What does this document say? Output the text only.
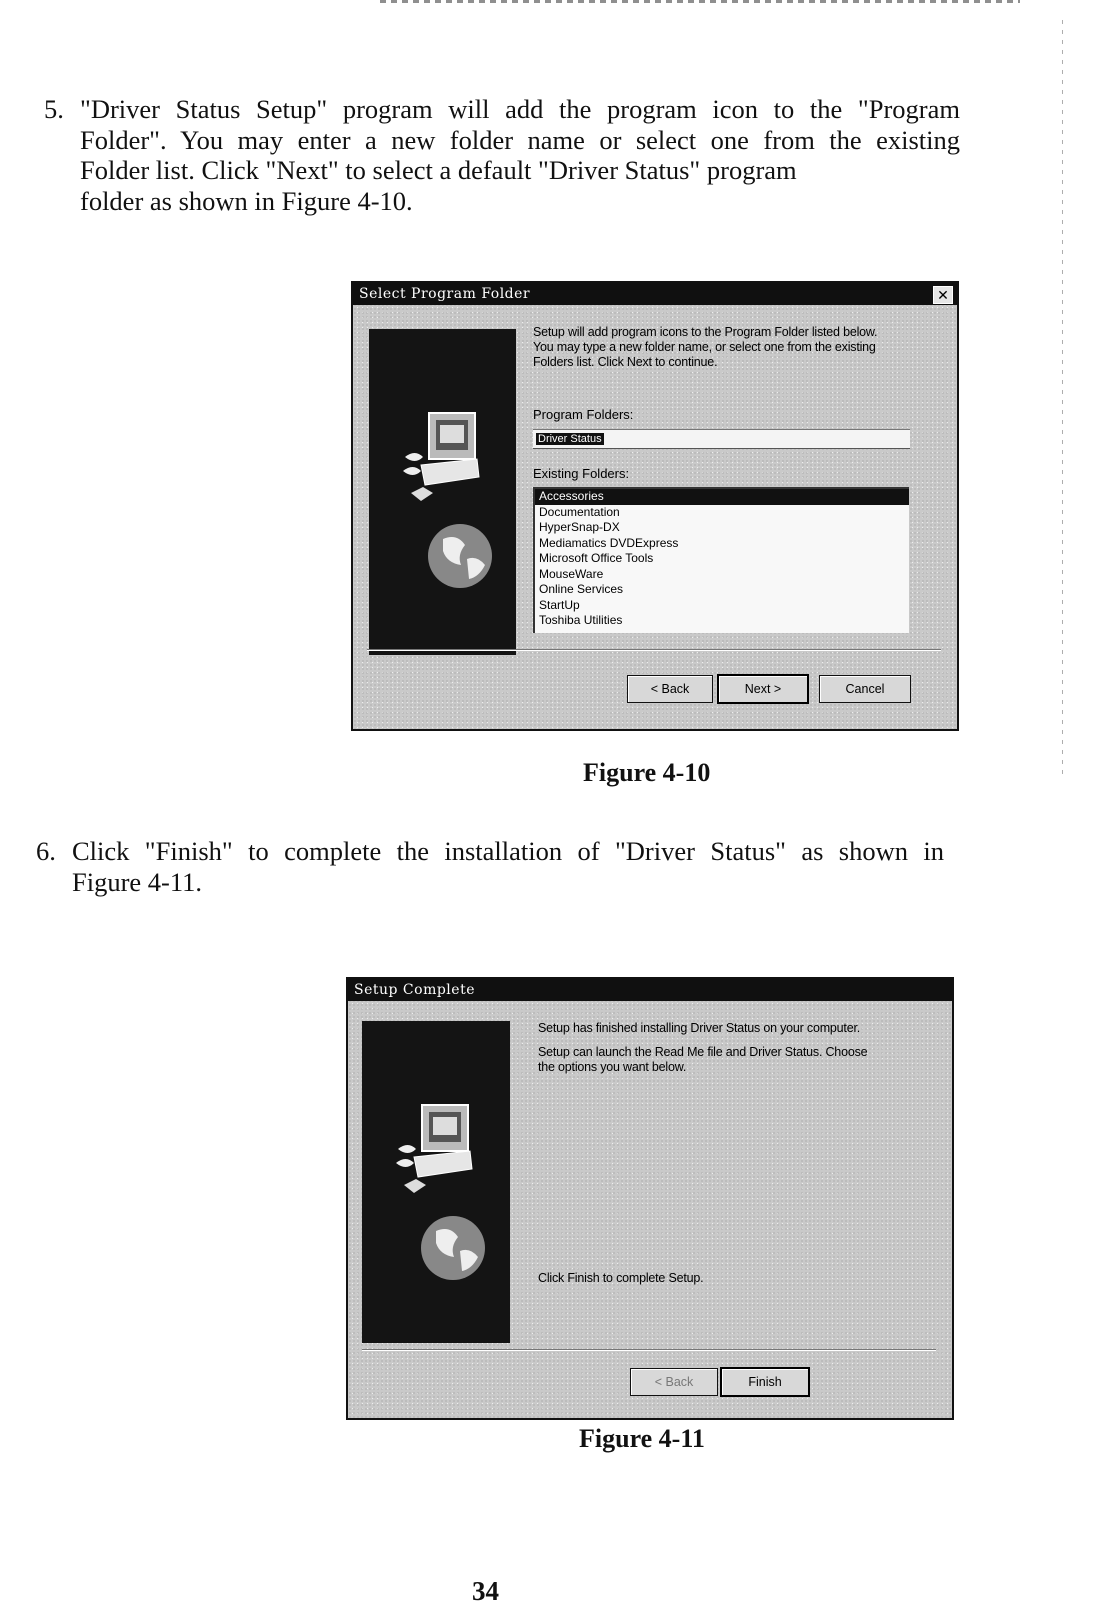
5. "Driver Status Setup" program will add the program icon to the "Program
Folder". You may enter a new folder name or select one from the existing
Folder list. Click "Next" to select a default "Driver Status" program
folder as shown in Figure 4-10.
Select Program Folder	✕
Setup will add program icons to the Program Folder listed below.
You may type a new folder name, or select one from the existing
Folders list. Click Next to continue.
Program Folders:
Driver Status
Existing Folders:
Accessories
Documentation
HyperSnap-DX
Mediamatics DVDExpress
Microsoft Office Tools
MouseWare
Online Services
StartUp
Toshiba Utilities
< Back	Next >	Cancel
Figure 4-10
6. Click "Finish" to complete the installation of "Driver Status" as shown in
Figure 4-11.
Setup Complete
Setup has finished installing Driver Status on your computer.
Setup can launch the Read Me file and Driver Status. Choose
the options you want below.
Click Finish to complete Setup.
< Back	Finish
Figure 4-11
34
